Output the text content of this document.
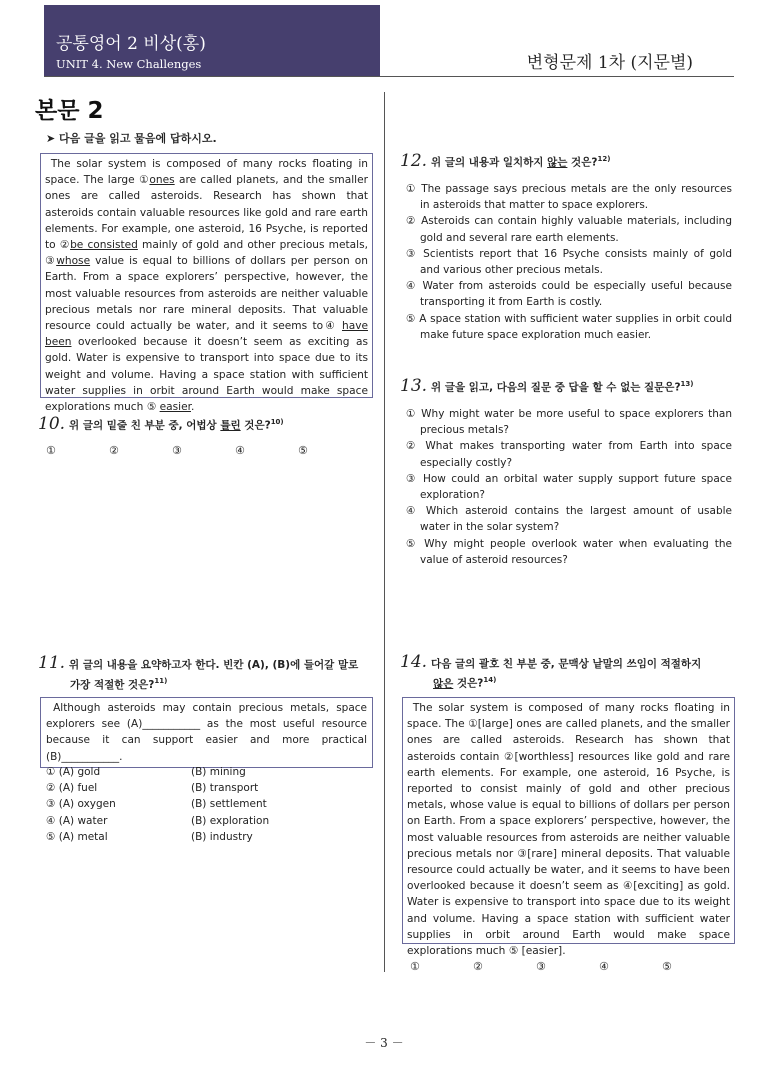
공통영어 2 비상(홍)
UNIT 4. New Challenges	변형문제 1차 (지문별)
본문 2
➤ 다음 글을 읽고 물음에 답하시오.
The solar system is composed of many rocks floating in space. The large ①ones are called planets, and the smaller ones are called asteroids. Research has shown that asteroids contain valuable resources like gold and rare earth elements. For example, one asteroid, 16 Psyche, is reported to ②be consisted mainly of gold and other precious metals, ③whose value is equal to billions of dollars per person on Earth. From a space explorers’ perspective, however, the most valuable resources from asteroids are neither valuable precious metals nor rare mineral deposits. That valuable resource could actually be water, and it seems to④ have been overlooked because it doesn’t seem as exciting as gold. Water is expensive to transport into space due to its weight and volume. Having a space station with sufficient water supplies in orbit around Earth would make space explorations much ⑤ easier.
10. 위 글의 밑줄 친 부분 중, 어법상 틀린 것은?$^{10)}$
①	②	③	④	⑤
11. 위 글의 내용을 요약하고자 한다. 빈칸 (A), (B)에 들어갈 말로
가장 적절한 것은?$^{11)}$
Although asteroids may contain precious metals, space explorers see (A)___________ as the most useful resource because it can support easier and more practical (B)___________.
① (A) gold	(B) mining
② (A) fuel	(B) transport
③ (A) oxygen	(B) settlement
④ (A) water	(B) exploration
⑤ (A) metal	(B) industry
12. 위 글의 내용과 일치하지 않는 것은?$^{12)}$
① The passage says precious metals are the only resources in asteroids that matter to space explorers.
② Asteroids can contain highly valuable materials, including gold and several rare earth elements.
③ Scientists report that 16 Psyche consists mainly of gold and various other precious metals.
④ Water from asteroids could be especially useful because transporting it from Earth is costly.
⑤ A space station with sufficient water supplies in orbit could make future space exploration much easier.
13. 위 글을 읽고, 다음의 질문 중 답을 할 수 없는 질문은?$^{13)}$
① Why might water be more useful to space explorers than precious metals?
② What makes transporting water from Earth into space especially costly?
③ How could an orbital water supply support future space exploration?
④ Which asteroid contains the largest amount of usable water in the solar system?
⑤ Why might people overlook water when evaluating the value of asteroid resources?
14. 다음 글의 괄호 친 부분 중, 문맥상 낱말의 쓰임이 적절하지
않은 것은?$^{14)}$
The solar system is composed of many rocks floating in space. The ①[large] ones are called planets, and the smaller ones are called asteroids. Research has shown that asteroids contain ②[worthless] resources like gold and rare earth elements. For example, one asteroid, 16 Psyche, is reported to consist mainly of gold and other precious metals, whose value is equal to billions of dollars per person on Earth. From a space explorers’ perspective, however, the most valuable resources from asteroids are neither valuable precious metals nor ③[rare] mineral deposits. That valuable resource could actually be water, and it seems to have been overlooked because it doesn’t seem as ④[exciting] as gold. Water is expensive to transport into space due to its weight and volume. Having a space station with sufficient water supplies in orbit around Earth would make space explorations much ⑤ [easier].
①	②	③	④	⑤
－ 3 －
